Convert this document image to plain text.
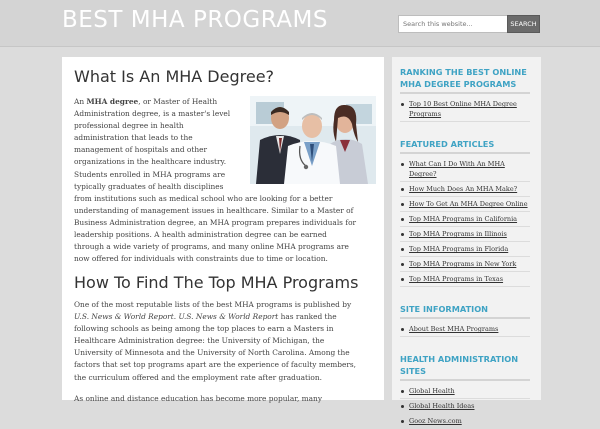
BEST MHA PROGRAMS
Search this website...	SEARCH
What Is An MHA Degree?
An MHA degree, or Master of Health
Administration degree, is a master's level
professional degree in health
administration that leads to the
management of hospitals and other
organizations in the healthcare industry.
Students enrolled in MHA programs are
typically graduates of health disciplines
from institutions such as medical school who are looking for a better
understanding of management issues in healthcare. Similar to a Master of
Business Administration degree, an MHA program prepares individuals for
leadership positions. A health administration degree can be earned
through a wide variety of programs, and many online MHA programs are
now offered for individuals with constraints due to time or location.
How To Find The Top MHA Programs
One of the most reputable lists of the best MHA programs is published by
U.S. News & World Report. U.S. News & World Report has ranked the
following schools as being among the top places to earn a Masters in
Healthcare Administration degree: the University of Michigan, the
University of Minnesota and the University of North Carolina. Among the
factors that set top programs apart are the experience of faculty members,
the curriculum offered and the employment rate after graduation.
As online and distance education has become more popular, many
RANKING THE BEST ONLINE
MHA DEGREE PROGRAMS
Top 10 Best Online MHA Degree
Programs
FEATURED ARTICLES
What Can I Do With An MHA
Degree?
How Much Does An MHA Make?
How To Get An MHA Degree Online
Top MHA Programs in California
Top MHA Programs in Illinois
Top MHA Programs in Florida
Top MHA Programs in New York
Top MHA Programs in Texas
SITE INFORMATION
About Best MHA Programs
HEALTH ADMINISTRATION
SITES
Global Health
Global Health Ideas
Gooz News.com
